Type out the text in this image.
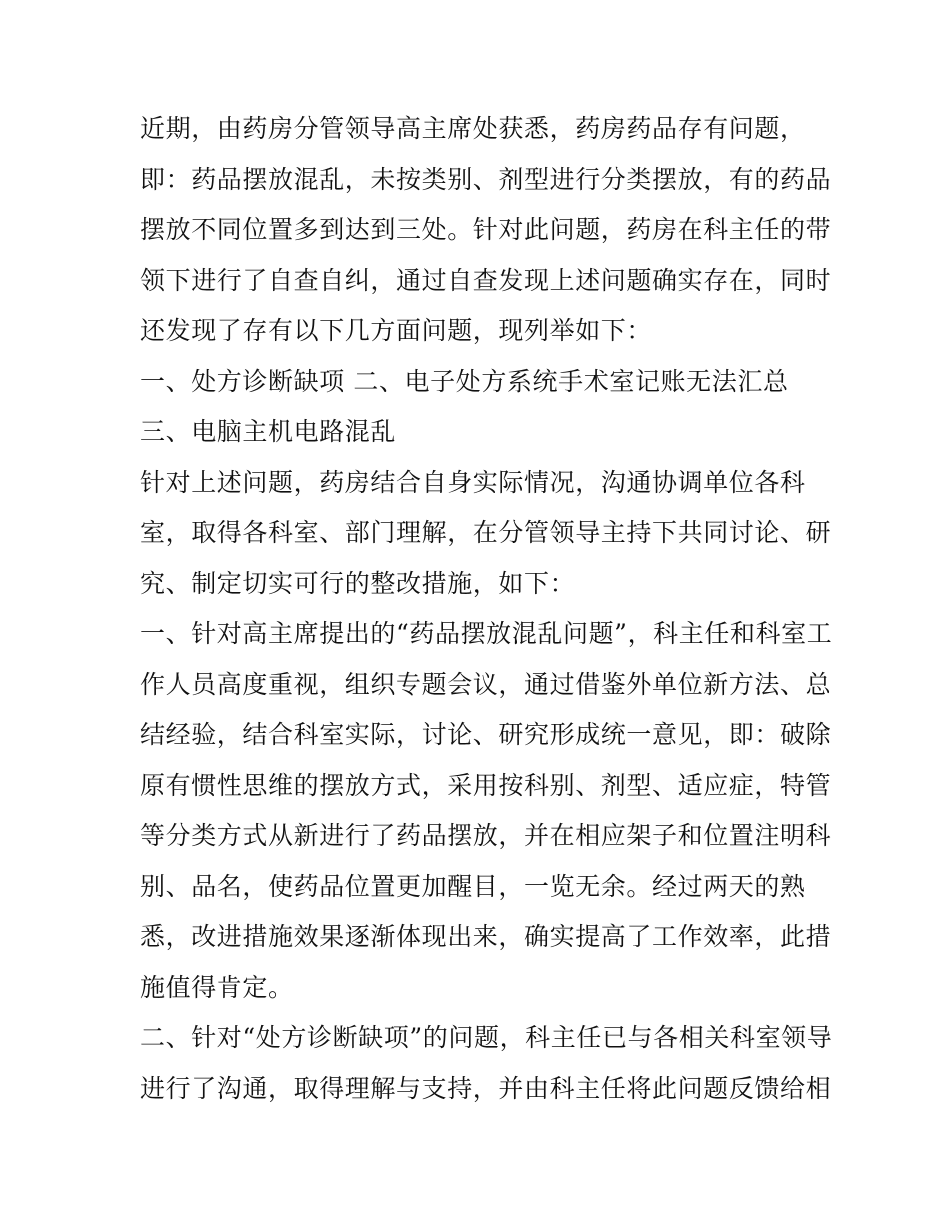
近期，由药房分管领导高主席处获悉，药房药品存有问题，
即：药品摆放混乱，未按类别、剂型进行分类摆放，有的药品
摆放不同位置多到达到三处。针对此问题，药房在科主任的带
领下进行了自查自纠，通过自查发现上述问题确实存在，同时
还发现了存有以下几方面问题，现列举如下：
一、处方诊断缺项 二、电子处方系统手术室记账无法汇总
三、电脑主机电路混乱
针对上述问题，药房结合自身实际情况，沟通协调单位各科
室，取得各科室、部门理解，在分管领导主持下共同讨论、研
究、制定切实可行的整改措施，如下：
一、针对高主席提出的“药品摆放混乱问题”，科主任和科室工
作人员高度重视，组织专题会议，通过借鉴外单位新方法、总
结经验，结合科室实际，讨论、研究形成统一意见，即：破除
原有惯性思维的摆放方式，采用按科别、剂型、适应症，特管
等分类方式从新进行了药品摆放，并在相应架子和位置注明科
别、品名，使药品位置更加醒目，一览无余。经过两天的熟
悉，改进措施效果逐渐体现出来，确实提高了工作效率，此措
施值得肯定。
二、针对“处方诊断缺项”的问题，科主任已与各相关科室领导
进行了沟通，取得理解与支持，并由科主任将此问题反馈给相
